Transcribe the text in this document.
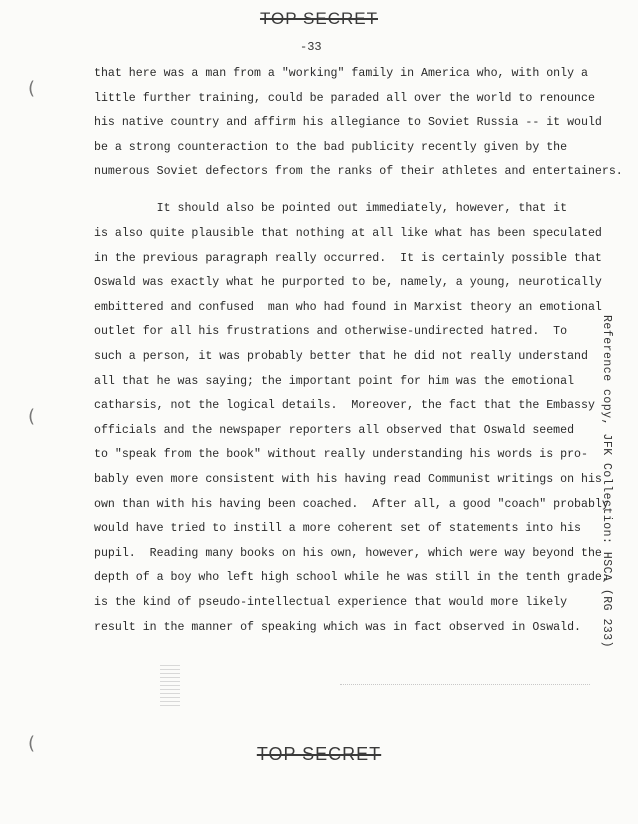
TOP SECRET
-33
(
(
(
that here was a man from a "working" family in America who, with only a
little further training, could be paraded all over the world to renounce
his native country and affirm his allegiance to Soviet Russia -- it would
be a strong counteraction to the bad publicity recently given by the
numerous Soviet defectors from the ranks of their athletes and entertainers.
It should also be pointed out immediately, however, that it
is also quite plausible that nothing at all like what has been speculated
in the previous paragraph really occurred.  It is certainly possible that
Oswald was exactly what he purported to be, namely, a young, neurotically
embittered and confused  man who had found in Marxist theory an emotional
outlet for all his frustrations and otherwise-undirected hatred.  To
such a person, it was probably better that he did not really understand
all that he was saying; the important point for him was the emotional
catharsis, not the logical details.  Moreover, the fact that the Embassy
officials and the newspaper reporters all observed that Oswald seemed
to "speak from the book" without really understanding his words is pro-
bably even more consistent with his having read Communist writings on his
own than with his having been coached.  After all, a good "coach" probably
would have tried to instill a more coherent set of statements into his
pupil.  Reading many books on his own, however, which were way beyond the
depth of a boy who left high school while he was still in the tenth grade,
is the kind of pseudo-intellectual experience that would more likely
result in the manner of speaking which was in fact observed in Oswald.	Reference copy, JFK Collection: HSCA (RG 233)
TOP SECRET
